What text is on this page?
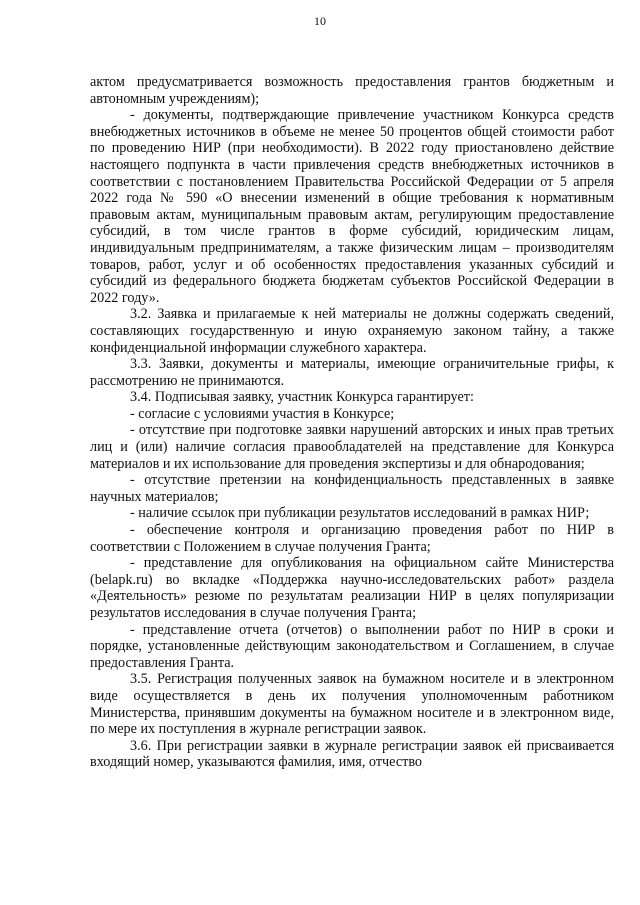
10

актом предусматривается возможность предоставления грантов бюджетным и автономным учреждениям);

- документы, подтверждающие привлечение участником Конкурса средств внебюджетных источников в объеме не менее 50 процентов общей стоимости работ по проведению НИР (при необходимости). В 2022 году приостановлено действие настоящего подпункта в части привлечения средств внебюджетных источников в соответствии с постановлением Правительства Российской Федерации от 5 апреля 2022 года № 590 «О внесении изменений в общие требования к нормативным правовым актам, муниципальным правовым актам, регулирующим предоставление субсидий, в том числе грантов в форме субсидий, юридическим лицам, индивидуальным предпринимателям, а также физическим лицам – производителям товаров, работ, услуг и об особенностях предоставления указанных субсидий и субсидий из федерального бюджета бюджетам субъектов Российской Федерации в 2022 году».

3.2. Заявка и прилагаемые к ней материалы не должны содержать сведений, составляющих государственную и иную охраняемую законом тайну, а также конфиденциальной информации служебного характера.

3.3. Заявки, документы и материалы, имеющие ограничительные грифы, к рассмотрению не принимаются.

3.4. Подписывая заявку, участник Конкурса гарантирует:

- согласие с условиями участия в Конкурсе;

- отсутствие при подготовке заявки нарушений авторских и иных прав третьих лиц и (или) наличие согласия правообладателей на представление для Конкурса материалов и их использование для проведения экспертизы и для обнародования;

- отсутствие претензии на конфиденциальность представленных в заявке научных материалов;

- наличие ссылок при публикации результатов исследований в рамках НИР;

- обеспечение контроля и организацию проведения работ по НИР в соответствии с Положением в случае получения Гранта;

- представление для опубликования на официальном сайте Министерства (belapk.ru) во вкладке «Поддержка научно-исследовательских работ» раздела «Деятельность» резюме по результатам реализации НИР в целях популяризации результатов исследования в случае получения Гранта;

- представление отчета (отчетов) о выполнении работ по НИР в сроки и порядке, установленные действующим законодательством и Соглашением, в случае предоставления Гранта.

3.5. Регистрация полученных заявок на бумажном носителе и в электронном виде осуществляется в день их получения уполномоченным работником Министерства, принявшим документы на бумажном носителе и в электронном виде, по мере их поступления в журнале регистрации заявок.

3.6. При регистрации заявки в журнале регистрации заявок ей присваивается входящий номер, указываются фамилия, имя, отчество
